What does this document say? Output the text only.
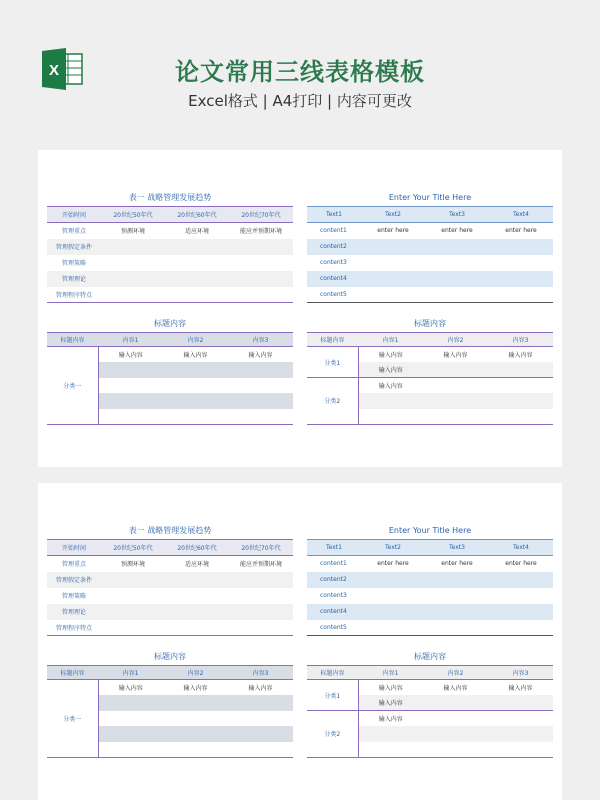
X	论文常用三线表格模板
Excel格式 | A4打印 | 内容可更改
表一 战略管理发展趋势
开始时间	20世纪50年代	20世纪60年代	20世纪70年代
管理重点	预测环境	适应环境	能应并预期环境
管理假定条件			
管理策略			
管理理论			
管理程序特点			
Enter Your Title Here
Text1	Text2	Text3	Text4
content1	enter here	enter here	enter here
content2			
content3			
content4			
content5			
标题内容
标题内容	内容1	内容2	内容3
分类一	输入内容	输入内容	输入内容

标题内容
标题内容	内容1	内容2	内容3
分类1	输入内容	输入内容	输入内容
	输入内容		
分类2	输入内容		

表一 战略管理发展趋势
开始时间	20世纪50年代	20世纪60年代	20世纪70年代
管理重点	预测环境	适应环境	能应并预期环境
管理假定条件			
管理策略			
管理理论			
管理程序特点			
Enter Your Title Here
Text1	Text2	Text3	Text4
content1	enter here	enter here	enter here
content2			
content3			
content4			
content5			
标题内容
标题内容	内容1	内容2	内容3
分类一	输入内容	输入内容	输入内容

标题内容
标题内容	内容1	内容2	内容3
分类1	输入内容	输入内容	输入内容
	输入内容		
分类2	输入内容		
